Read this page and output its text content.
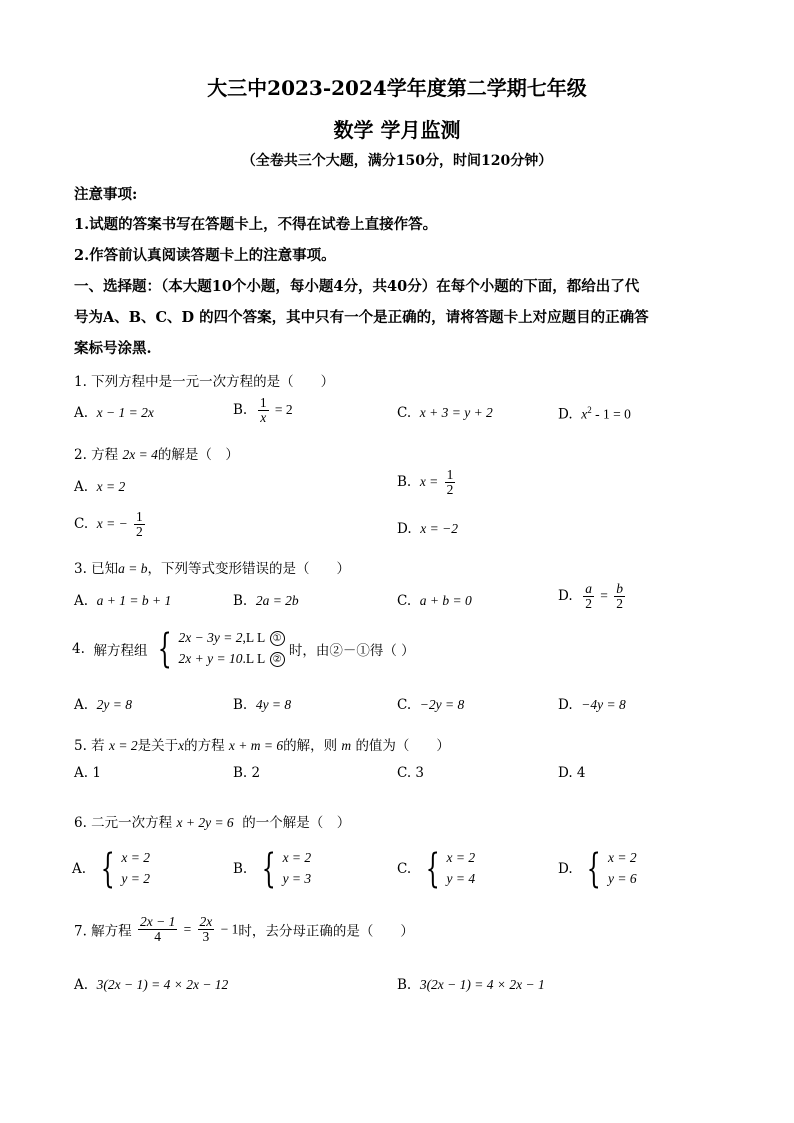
大三中2023-2024学年度第二学期七年级
数学 学月监测
（全卷共三个大题，满分150分，时间120分钟）
注意事项:
1.试题的答案书写在答题卡上，不得在试卷上直接作答。
2.作答前认真阅读答题卡上的注意事项。
一、选择题：（本大题10个小题，每小题4分，共40分）在每个小题的下面，都给出了代
号为A、B、C、D 的四个答案，其中只有一个是正确的，请将答题卡上对应题目的正确答
案标号涂黑.
1. 下列方程中是一元一次方程的是（　　）
A. x − 1 = 2x	B. $\frac{1}{x} = 2$	C. x + 3 = y + 2	D. $x^2 - 1 = 0$
2. 方程 2x = 4的解是（　）
A. x = 2	B. $x = \frac{1}{2}$
C. x = − $\frac{1}{2}$	D. x = −2
3. 已知a = b，下列等式变形错误的是（　　）
A. a + 1 = b + 1	B. 2a = 2b	C. a + b = 0	D. $\frac{a}{2} = \frac{b}{2}$
4. 解方程组 { 2x − 3y = 2,L L ①
2x + y = 10.L L ②
时，由②－①得（ ）
A. 2y = 8	B. 4y = 8	C. −2y = 8	D. −4y = 8
5. 若 x = 2是关于x的方程 x + m = 6的解，则 m 的值为（　　）
A. 1	B. 2	C. 3	D. 4
6. 二元一次方程 x + 2y = 6  的一个解是（　）
A. { x = 2
y = 2
B. { x = 2
y = 3
C. { x = 2
y = 4
D. { x = 2
y = 6
7. 解方程 $\frac{2x - 1}{4} = \frac{2x}{3} - 1$时，去分母正确的是（　　）
A. 3(2x − 1) = 4 × 2x − 12	B. 3(2x − 1) = 4 × 2x − 1
